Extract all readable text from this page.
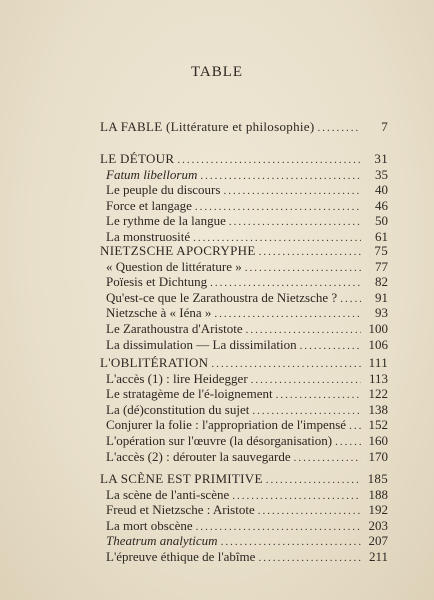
TABLE
LA FABLE (Littérature et philosophie) .....	7
LE DÉTOUR .....	31
Fatum libellorum .....	35
Le peuple du discours .....	40
Force et langage .....	46
Le rythme de la langue .....	50
La monstruosité .....	61
NIETZSCHE APOCRYPHE .....	75
« Question de littérature » .....	77
Poïesis et Dichtung .....	82
Qu'est-ce que le Zarathoustra de Nietzsche ? .....	91
Nietzsche à « Iéna » .....	93
Le Zarathoustra d'Aristote .....	100
La dissimulation — La dissimilation .....	106
L'OBLITÉRATION .....	111
L'accès (1) : lire Heidegger .....	113
Le stratagème de l'é-loignement .....	122
La (dé)constitution du sujet .....	138
Conjurer la folie : l'appropriation de l'impensé .....	152
L'opération sur l'œuvre (la désorganisation) .....	160
L'accès (2) : dérouter la sauvegarde .....	170
LA SCÈNE EST PRIMITIVE .....	185
La scène de l'anti-scène .....	188
Freud et Nietzsche : Aristote .....	192
La mort obscène .....	203
Theatrum analyticum .....	207
L'épreuve éthique de l'abîme .....	211
